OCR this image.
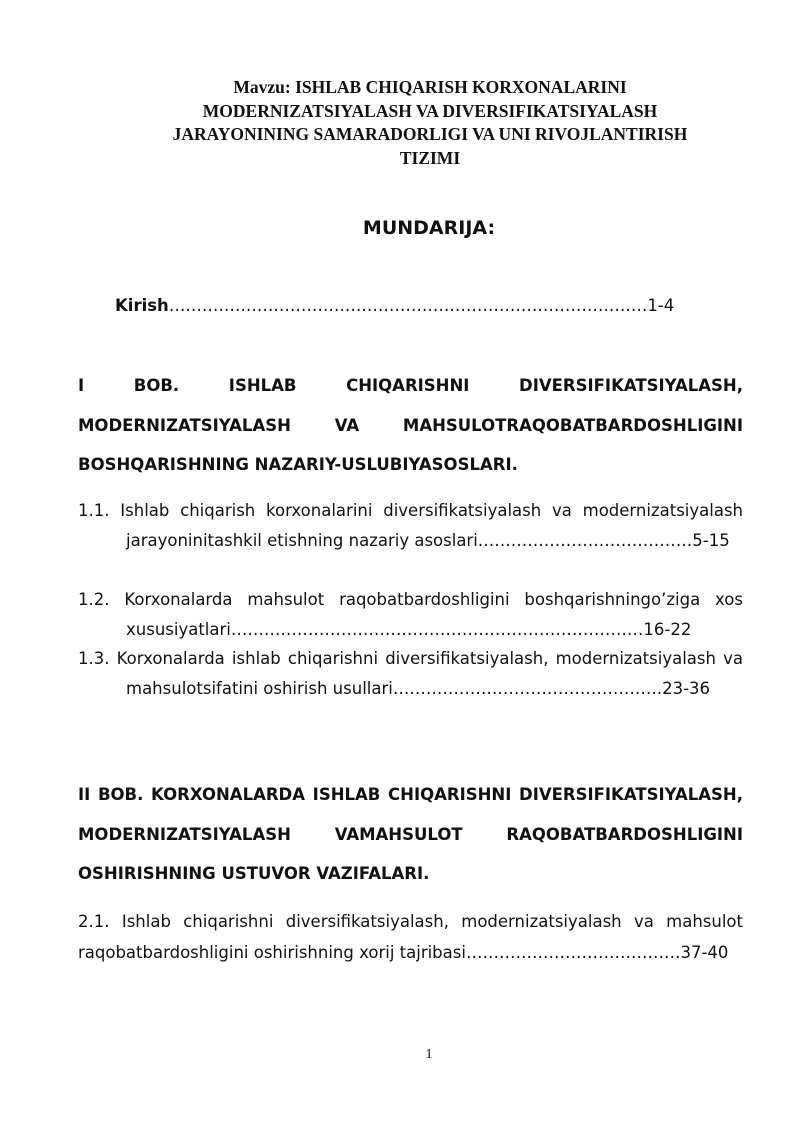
Mavzu: ISHLAB CHIQARISH KORXONALARINI
MODERNIZATSIYALASH VA DIVERSIFIKATSIYALASH
JARAYONINING SAMARADORLIGI VA UNI RIVOJLANTIRISH
TIZIMI
MUNDARIJA:
Kirish……………………………………………………………………………1-4
I BOB. ISHLAB CHIQARISHNI DIVERSIFIKATSIYALASH, MODERNIZATSIYALASH VA MAHSULOTRAQOBATBARDOSHLIGINI BOSHQARISHNING NAZARIY-USLUBIYASOSLARI.
1.1. Ishlab chiqarish korxonalarini diversifikatsiyalash va modernizatsiyalash jarayoninitashkil etishning nazariy asoslari…………………………………5-15
1.2. Korxonalarda mahsulot raqobatbardoshligini boshqarishningo’ziga xos xususiyatlari…………………………………………………………………16-22
1.3. Korxonalarda ishlab chiqarishni diversifikatsiyalash, modernizatsiyalash va mahsulotsifatini oshirish usullari………………………………………….23-36
II BOB. KORXONALARDA ISHLAB CHIQARISHNI DIVERSIFIKATSIYALASH, MODERNIZATSIYALASH VAMAHSULOT RAQOBATBARDOSHLIGINI OSHIRISHNING USTUVOR VAZIFALARI.
2.1. Ishlab chiqarishni diversifikatsiyalash, modernizatsiyalash va mahsulot raqobatbardoshligini oshirishning xorij tajribasi…………………………………37-40
1
